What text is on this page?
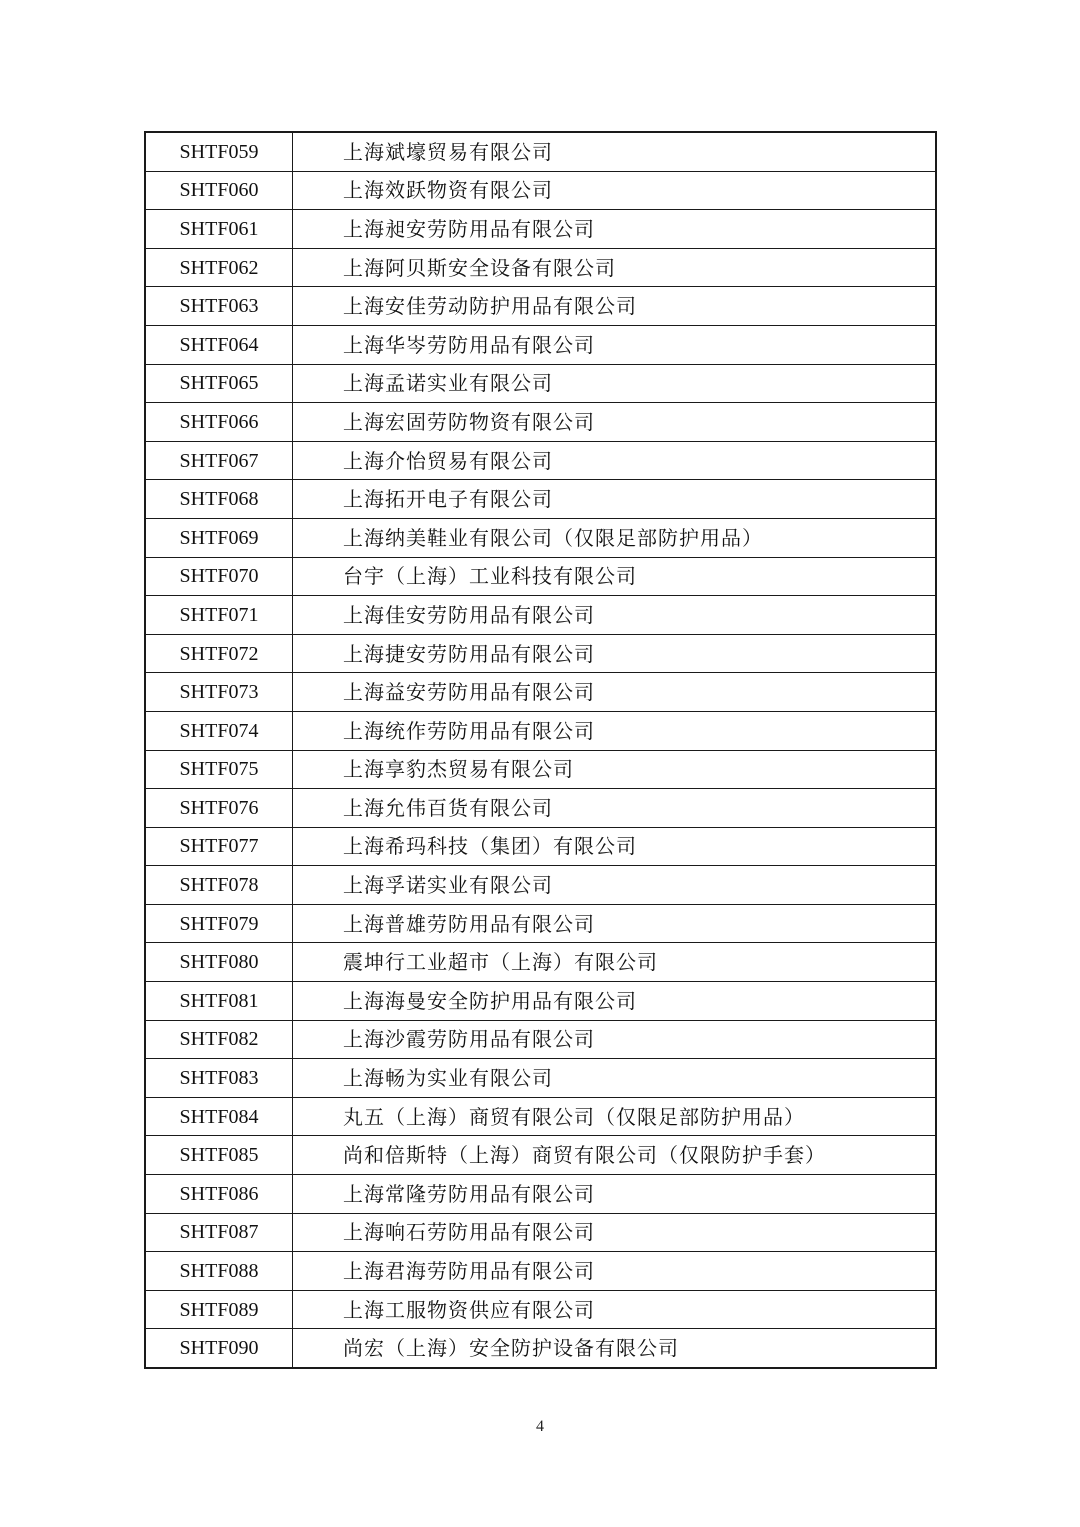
SHTF059	上海斌壕贸易有限公司
SHTF060	上海效跃物资有限公司
SHTF061	上海昶安劳防用品有限公司
SHTF062	上海阿贝斯安全设备有限公司
SHTF063	上海安佳劳动防护用品有限公司
SHTF064	上海华岑劳防用品有限公司
SHTF065	上海孟诺实业有限公司
SHTF066	上海宏固劳防物资有限公司
SHTF067	上海介怡贸易有限公司
SHTF068	上海拓开电子有限公司
SHTF069	上海纳美鞋业有限公司（仅限足部防护用品）
SHTF070	台宇（上海）工业科技有限公司
SHTF071	上海佳安劳防用品有限公司
SHTF072	上海捷安劳防用品有限公司
SHTF073	上海益安劳防用品有限公司
SHTF074	上海统作劳防用品有限公司
SHTF075	上海享豹杰贸易有限公司
SHTF076	上海允伟百货有限公司
SHTF077	上海希玛科技（集团）有限公司
SHTF078	上海孚诺实业有限公司
SHTF079	上海普雄劳防用品有限公司
SHTF080	震坤行工业超市（上海）有限公司
SHTF081	上海海曼安全防护用品有限公司
SHTF082	上海沙霞劳防用品有限公司
SHTF083	上海畅为实业有限公司
SHTF084	丸五（上海）商贸有限公司（仅限足部防护用品）
SHTF085	尚和倍斯特（上海）商贸有限公司（仅限防护手套）
SHTF086	上海常隆劳防用品有限公司
SHTF087	上海响石劳防用品有限公司
SHTF088	上海君海劳防用品有限公司
SHTF089	上海工服物资供应有限公司
SHTF090	尚宏（上海）安全防护设备有限公司
4
